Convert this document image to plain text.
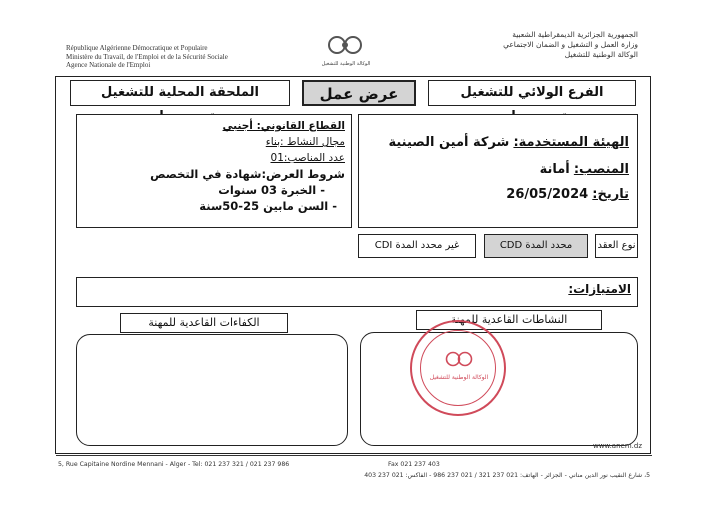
République Algérienne Démocratique et Populaire
Ministère du Travail, de l'Emploi et de la Sécurité Sociale
Agence Nationale de l'Emploi	الوكالة الوطنية للتشغيل
الجمهورية الجزائرية الديمقراطية الشعبية
وزارة العمل و التشغيل و الضمان الاجتماعي
الوكالة الوطنية للتشغيل
الفرع الولائي للتشغيل
عرض عمل
الملحقة المحلية للتشغيل
الهيئة المستخدمة: شركة أمين الصينية
المنصب: أمانة
تاريخ: 26/05/2024
القطاع القانوني: أجنبي
مجال النشاط :بناء
عدد المناصب:01
شروط العرض:شهادة في التخصص
- الخبرة 03 سنوات
- السن مابين 25-50سنة
نوع العقد
محدد المدة CDD
غير محدد المدة CDI
الامتيازات:
النشاطات القاعدية للمهنة
الكفاءات القاعدية للمهنة
الوكالة الوطنية للتشغيل
www.anem.dz
5, Rue Capitaine Nordine Mennani - Alger - Tel: 021 237 321 / 021 237 986	Fax 021 237 403
5، شارع النقيب نور الدين مناني - الجزائر - الهاتف: 021 237 321 / 021 237 986 - الفاكس: 021 237 403
